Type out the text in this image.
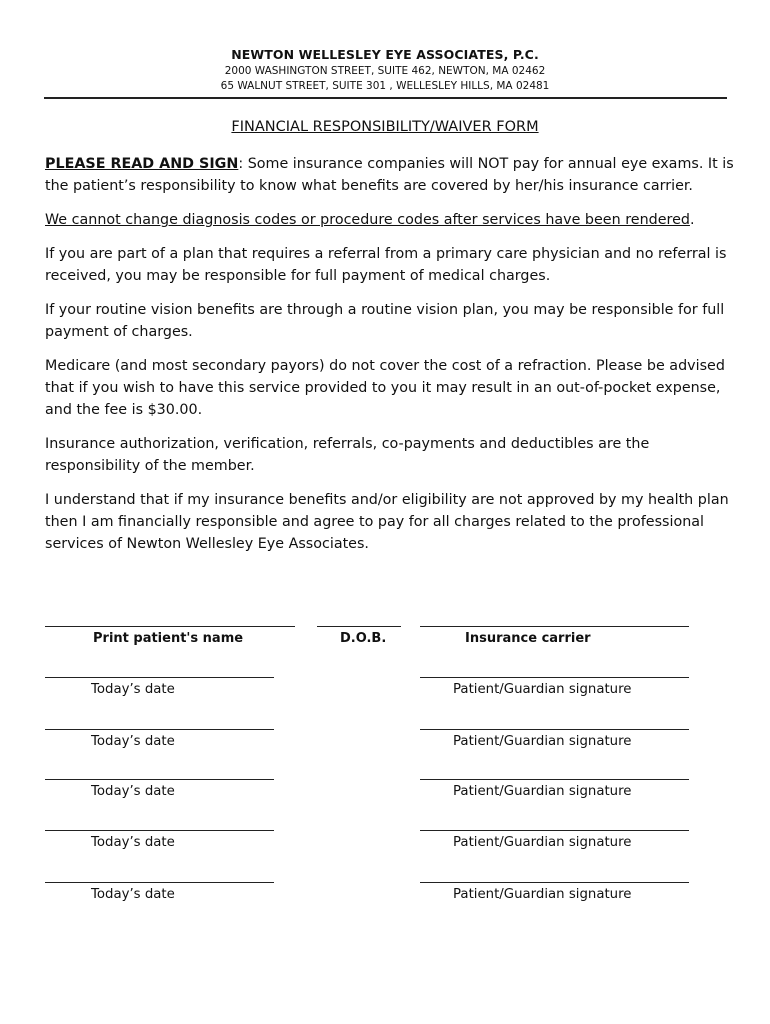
NEWTON WELLESLEY EYE ASSOCIATES, P.C.
2000 WASHINGTON STREET, SUITE 462, NEWTON, MA 02462
65 WALNUT STREET, SUITE 301 , WELLESLEY HILLS, MA 02481
FINANCIAL RESPONSIBILITY/WAIVER FORM

PLEASE READ AND SIGN: Some insurance companies will NOT pay for annual eye exams. It is the patient’s responsibility to know what benefits are covered by her/his insurance carrier.

We cannot change diagnosis codes or procedure codes after services have been rendered.

If you are part of a plan that requires a referral from a primary care physician and no referral is received, you may be responsible for full payment of medical charges.

If your routine vision benefits are through a routine vision plan, you may be responsible for full payment of charges.

Medicare (and most secondary payors) do not cover the cost of a refraction. Please be advised that if you wish to have this service provided to you it may result in an out-of-pocket expense, and the fee is $30.00.

Insurance authorization, verification, referrals, co-payments and deductibles are the responsibility of the member.

I understand that if my insurance benefits and/or eligibility are not approved by my health plan then I am financially responsible and agree to pay for all charges related to the professional services of Newton Wellesley Eye Associates.

Print patient's name	D.O.B.	Insurance carrier
Today’s date	Patient/Guardian signature
Today’s date	Patient/Guardian signature
Today’s date	Patient/Guardian signature
Today’s date	Patient/Guardian signature
Today’s date	Patient/Guardian signature
